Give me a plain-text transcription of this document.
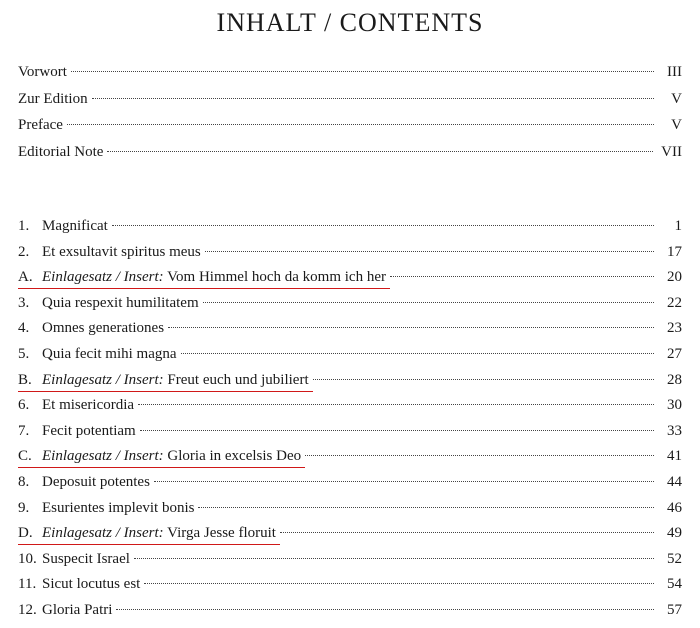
INHALT / CONTENTS
Vorwort	III
Zur Edition	V
Preface	V
Editorial Note	VII
1. Magnificat	1
2. Et exsultavit spiritus meus	17
A. Einlagesatz / Insert: Vom Himmel hoch da komm ich her	20
3. Quia respexit humilitatem	22
4. Omnes generationes	23
5. Quia fecit mihi magna	27
B. Einlagesatz / Insert: Freut euch und jubiliert	28
6. Et misericordia	30
7. Fecit potentiam	33
C. Einlagesatz / Insert: Gloria in excelsis Deo	41
8. Deposuit potentes	44
9. Esurientes implevit bonis	46
D. Einlagesatz / Insert: Virga Jesse floruit	49
10. Suspecit Israel	52
11. Sicut locutus est	54
12. Gloria Patri	57
